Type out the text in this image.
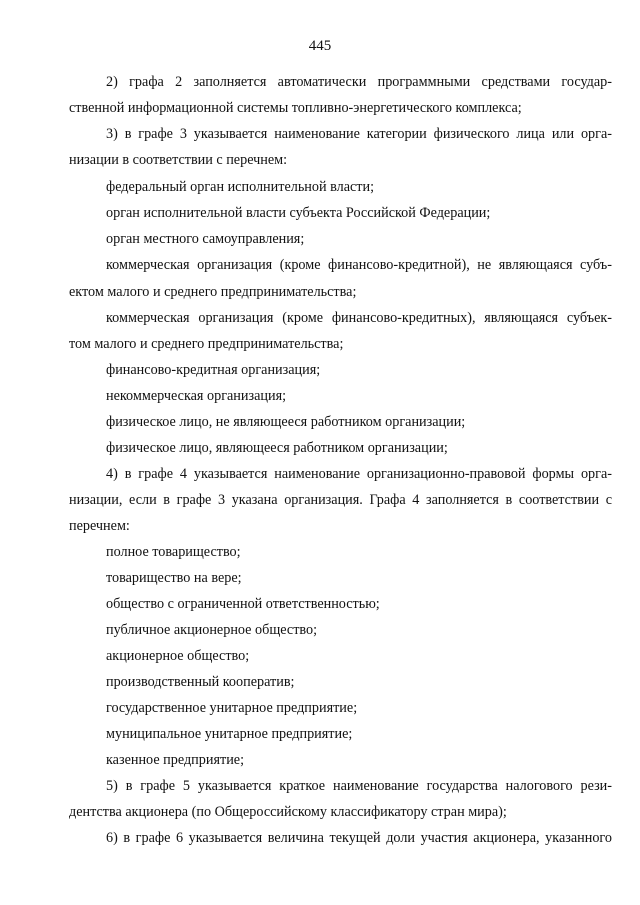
445
2) графа 2 заполняется автоматически программными средствами государ-
ственной информационной системы топливно-энергетического комплекса;
3) в графе 3 указывается наименование категории физического лица или орга-
низации в соответствии с перечнем:
федеральный орган исполнительной власти;
орган исполнительной власти субъекта Российской Федерации;
орган местного самоуправления;
коммерческая организация (кроме финансово-кредитной), не являющаяся субъ-
ектом малого и среднего предпринимательства;
коммерческая организация (кроме финансово-кредитных), являющаяся субъек-
том малого и среднего предпринимательства;
финансово-кредитная организация;
некоммерческая организация;
физическое лицо, не являющееся работником организации;
физическое лицо, являющееся работником организации;
4) в графе 4 указывается наименование организационно-правовой формы орга-
низации, если в графе 3 указана организация. Графа 4 заполняется в соответствии с
перечнем:
полное товарищество;
товарищество на вере;
общество с ограниченной ответственностью;
публичное акционерное общество;
акционерное общество;
производственный кооператив;
государственное унитарное предприятие;
муниципальное унитарное предприятие;
казенное предприятие;
5) в графе 5 указывается краткое наименование государства налогового рези-
дентства акционера (по Общероссийскому классификатору стран мира);
6) в графе 6 указывается величина текущей доли участия акционера, указанного
